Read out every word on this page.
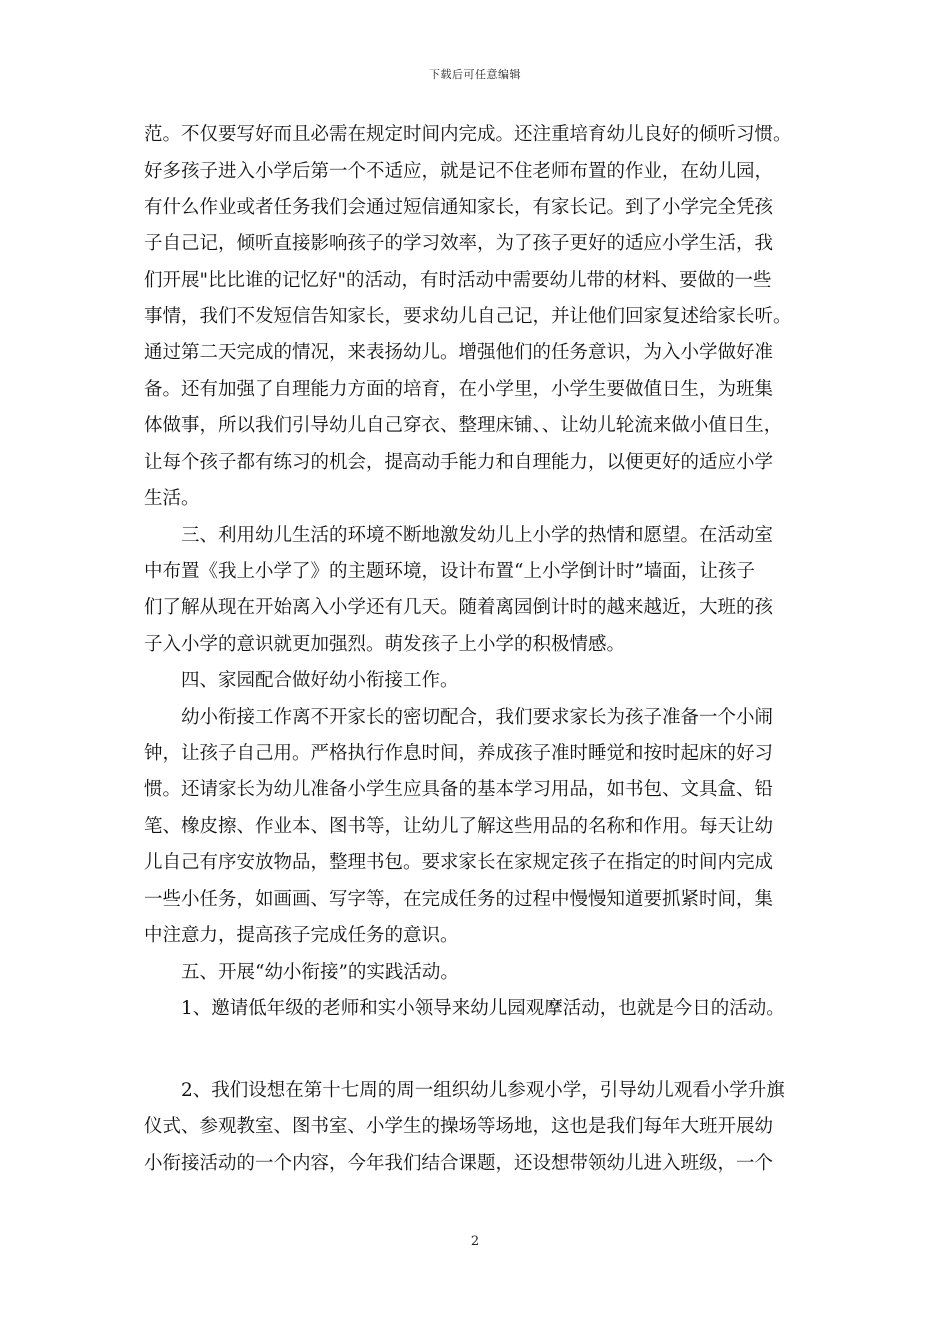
下载后可任意编辑
范。不仅要写好而且必需在规定时间内完成。还注重培育幼儿良好的倾听习惯。
好多孩子进入小学后第一个不适应，就是记不住老师布置的作业，在幼儿园，
有什么作业或者任务我们会通过短信通知家长，有家长记。到了小学完全凭孩
子自己记，倾听直接影响孩子的学习效率，为了孩子更好的适应小学生活，我
们开展"比比谁的记忆好"的活动，有时活动中需要幼儿带的材料、要做的一些
事情，我们不发短信告知家长，要求幼儿自己记，并让他们回家复述给家长听。
通过第二天完成的情况，来表扬幼儿。增强他们的任务意识，为入小学做好准
备。还有加强了自理能力方面的培育，在小学里，小学生要做值日生，为班集
体做事，所以我们引导幼儿自己穿衣、整理床铺、、让幼儿轮流来做小值日生，
让每个孩子都有练习的机会，提高动手能力和自理能力，以便更好的适应小学
生活。
　　三、利用幼儿生活的环境不断地激发幼儿上小学的热情和愿望。在活动室
中布置《我上小学了》的主题环境，设计布置“上小学倒计时”墙面，让孩子
们了解从现在开始离入小学还有几天。随着离园倒计时的越来越近，大班的孩
子入小学的意识就更加强烈。萌发孩子上小学的积极情感。
　　四、家园配合做好幼小衔接工作。
　　幼小衔接工作离不开家长的密切配合，我们要求家长为孩子准备一个小闹
钟，让孩子自己用。严格执行作息时间，养成孩子准时睡觉和按时起床的好习
惯。还请家长为幼儿准备小学生应具备的基本学习用品，如书包、文具盒、铅
笔、橡皮擦、作业本、图书等，让幼儿了解这些用品的名称和作用。每天让幼
儿自己有序安放物品，整理书包。要求家长在家规定孩子在指定的时间内完成
一些小任务，如画画、写字等，在完成任务的过程中慢慢知道要抓紧时间，集
中注意力，提高孩子完成任务的意识。
　　五、开展“幼小衔接”的实践活动。
　　1、邀请低年级的老师和实小领导来幼儿园观摩活动，也就是今日的活动。
　　2、我们设想在第十七周的周一组织幼儿参观小学，引导幼儿观看小学升旗
仪式、参观教室、图书室、小学生的操场等场地，这也是我们每年大班开展幼
小衔接活动的一个内容，今年我们结合课题，还设想带领幼儿进入班级，一个
2
